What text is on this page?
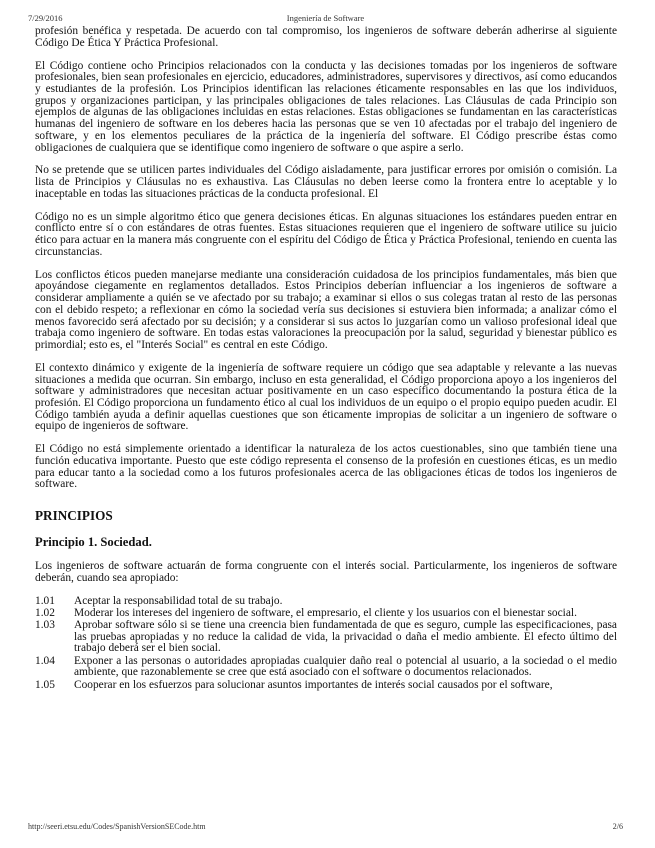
7/29/2016	Ingeniería de Software

profesión benéfica y respetada. De acuerdo con tal compromiso, los ingenieros de software deberán adherirse al siguiente Código De Ética Y Práctica Profesional.

El Código contiene ocho Principios relacionados con la conducta y las decisiones tomadas por los ingenieros de software profesionales, bien sean profesionales en ejercicio, educadores, administradores, supervisores y directivos, así como educandos y estudiantes de la profesión. Los Principios identifican las relaciones éticamente responsables en las que los individuos, grupos y organizaciones participan, y las principales obligaciones de tales relaciones. Las Cláusulas de cada Principio son ejemplos de algunas de las obligaciones incluidas en estas relaciones. Estas obligaciones se fundamentan en las características humanas del ingeniero de software en los deberes hacia las personas que se ven 10 afectadas por el trabajo del ingeniero de software, y en los elementos peculiares de la práctica de la ingeniería del software. El Código prescribe éstas como obligaciones de cualquiera que se identifique como ingeniero de software o que aspire a serlo.

No se pretende que se utilicen partes individuales del Código aisladamente, para justificar errores por omisión o comisión. La lista de Principios y Cláusulas no es exhaustiva. Las Cláusulas no deben leerse como la frontera entre lo aceptable y lo inaceptable en todas las situaciones prácticas de la conducta profesional. El

Código no es un simple algoritmo ético que genera decisiones éticas. En algunas situaciones los estándares pueden entrar en conflicto entre sí o con estándares de otras fuentes. Estas situaciones requieren que el ingeniero de software utilice su juicio ético para actuar en la manera más congruente con el espíritu del Código de Ética y Práctica Profesional, teniendo en cuenta las circunstancias.

Los conflictos éticos pueden manejarse mediante una consideración cuidadosa de los principios fundamentales, más bien que apoyándose ciegamente en reglamentos detallados. Estos Principios deberían influenciar a los ingenieros de software a considerar ampliamente a quién se ve afectado por su trabajo; a examinar si ellos o sus colegas tratan al resto de las personas con el debido respeto; a reflexionar en cómo la sociedad vería sus decisiones si estuviera bien informada; a analizar cómo el menos favorecido será afectado por su decisión; y a considerar si sus actos lo juzgarían como un valioso profesional ideal que trabaja como ingeniero de software. En todas estas valoraciones la preocupación por la salud, seguridad y bienestar público es primordial; esto es, el "Interés Social" es central en este Código.

El contexto dinámico y exigente de la ingeniería de software requiere un código que sea adaptable y relevante a las nuevas situaciones a medida que ocurran. Sin embargo, incluso en esta generalidad, el Código proporciona apoyo a los ingenieros del software y administradores que necesitan actuar positivamente en un caso específico documentando la postura ética de la profesión. El Código proporciona un fundamento ético al cual los individuos de un equipo o el propio equipo pueden acudir. El Código también ayuda a definir aquellas cuestiones que son éticamente impropias de solicitar a un ingeniero de software o equipo de ingenieros de software.

El Código no está simplemente orientado a identificar la naturaleza de los actos cuestionables, sino que también tiene una función educativa importante. Puesto que este código representa el consenso de la profesión en cuestiones éticas, es un medio para educar tanto a la sociedad como a los futuros profesionales acerca de las obligaciones éticas de todos los ingenieros de software.

PRINCIPIOS
Principio 1. Sociedad.

Los ingenieros de software actuarán de forma congruente con el interés social. Particularmente, los ingenieros de software deberán, cuando sea apropiado:

1.01	Aceptar la responsabilidad total de su trabajo.
1.02	Moderar los intereses del ingeniero de software, el empresario, el cliente y los usuarios con el bienestar social.
1.03	Aprobar software sólo si se tiene una creencia bien fundamentada de que es seguro, cumple las especificaciones, pasa las pruebas apropiadas y no reduce la calidad de vida, la privacidad o daña el medio ambiente. El efecto último del trabajo deberá ser el bien social.
1.04	Exponer a las personas o autoridades apropiadas cualquier daño real o potencial al usuario, a la sociedad o el medio ambiente, que razonablemente se cree que está asociado con el software o documentos relacionados.
1.05	Cooperar en los esfuerzos para solucionar asuntos importantes de interés social causados por el software,
http://seeri.etsu.edu/Codes/SpanishVersionSECode.htm	2/6
